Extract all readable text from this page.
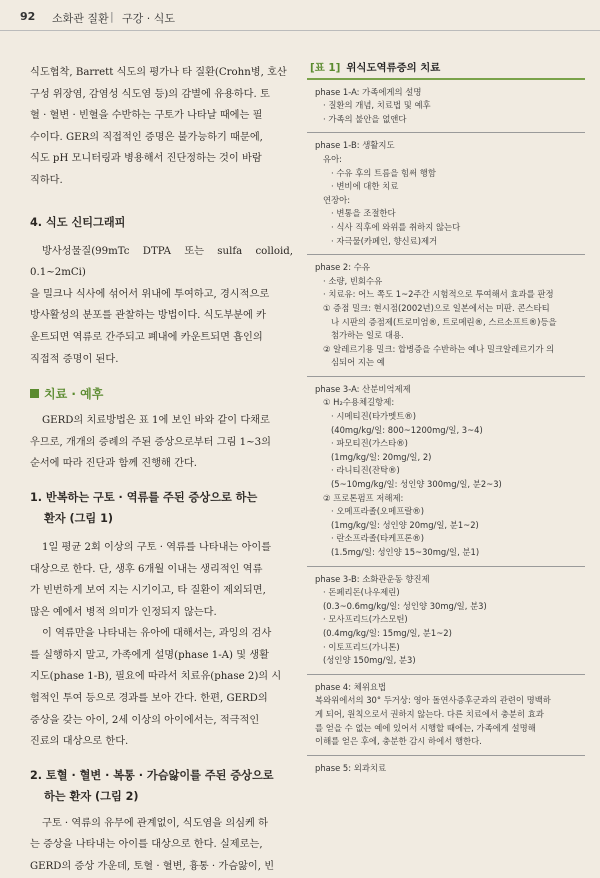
92 소화관 질환 | 구강 · 식도

식도협착, Barrett 식도의 평가나 타 질환(Crohn병, 호산

구성 위장염, 감염성 식도염 등)의 감별에 유용하다. 토

혈 · 혈변 · 빈혈을 수반하는 구토가 나타날 때에는 필

수이다. GER의 직접적인 증명은 불가능하기 때문에,

식도 pH 모니터링과 병용해서 진단정하는 것이 바람

직하다.

4. 식도 신티그래피

방사성물질(99mTc DTPA 또는 sulfa colloid, 0.1~2mCi)

을 밀크나 식사에 섞어서 위내에 투여하고, 경시적으로

방사활성의 분포를 관찰하는 방법이다. 식도부분에 카

운트되면 역류로 간주되고 폐내에 카운트되면 흡인의

직접적 증명이 된다.

치료 · 예후

GERD의 치료방법은 표 1에 보인 바와 같이 다채로

우므로, 개개의 증례의 주된 증상으로부터 그림 1~3의

순서에 따라 진단과 함께 진행해 간다.

1. 반복하는 구토 · 역류를 주된 증상으로 하는
환자 (그림 1)

1일 평균 2회 이상의 구토 · 역류를 나타내는 아이를

대상으로 한다. 단, 생후 6개월 이내는 생리적인 역류

가 빈번하게 보여 지는 시기이고, 타 질환이 제외되면,

많은 예에서 병적 의미가 인정되지 않는다.

이 역류만을 나타내는 유아에 대해서는, 과잉의 검사

를 실행하지 말고, 가족에게 설명(phase 1-A) 및 생활

지도(phase 1-B), 필요에 따라서 치료유(phase 2)의 시

험적인 투여 등으로 경과를 보아 간다. 한편, GERD의

증상을 갖는 아이, 2세 이상의 아이에서는, 적극적인

진료의 대상으로 한다.

2. 토혈 · 혈변 · 복통 · 가슴앓이를 주된 증상으로
하는 환자 (그림 2)

구토 · 역류의 유무에 관계없이, 식도염을 의심케 하

는 증상을 나타내는 아이를 대상으로 한다. 실제로는,

GERD의 증상 가운데, 토혈 · 혈변, 흉통 · 가슴앓이, 빈

[표 1] 위식도역류증의 치료
phase 1-A: 가족에게의 설명
· 질환의 개념, 치료법 및 예후
· 가족의 불안을 없앤다
phase 1-B: 생활지도
유아:
· 수유 후의 트름을 힘써 행함
· 변비에 대한 치료
연장아:
· 변통을 조절한다
· 식사 직후에 와위를 취하지 않는다
· 자극물(카페인, 향신료)제거
phase 2: 수유
· 소량, 빈회수유
· 치료유: 어느 쪽도 1~2주간 시험적으로 투여해서 효과를 판정
① 증점 밀크: 현시점(2002년)으로 일본에서는 미판. 콘스타티
나 시판의 증점제(트로미엄®, 트로메린®, 스르소프트®)등을
첨가하는 일로 대용.
② 알레르기용 밀크: 합병증을 수반하는 예나 밀크알레르기가 의
심되어 지는 예
phase 3-A: 산분비억제제
① H₂수용체길항제:
· 시메티진(타가멧트®)
(40mg/kg/일: 800~1200mg/일, 3~4)
· 파모티진(가스타®)
(1mg/kg/일: 20mg/일, 2)
· 라니티진(잔탁®)
(5~10mg/kg/일: 성인양 300mg/일, 분2~3)
② 프로톤펌프 저해제:
· 오메프라졸(오메프랄®)
(1mg/kg/일: 성인양 20mg/일, 분1~2)
· 란소프라졸(타케프론®)
(1.5mg/일: 성인양 15~30mg/일, 분1)
phase 3-B: 소화관운동 향진제
· 돈페리돈(나우제린)
(0.3~0.6mg/kg/일: 성인양 30mg/일, 분3)
· 모사프리드(가스모틴)
(0.4mg/kg/일: 15mg/일, 분1~2)
· 이토프리드(가니톤)
(성인양 150mg/일, 분3)
phase 4: 체위요법
복와위에서의 30° 두거상: 영아 돌연사증후군과의 관련이 명백하
게 되어, 원칙으로서 권하지 않는다. 다른 치료에서 충분히 효과
를 얻을 수 없는 예에 있어서 시행할 때에는, 가족에게 설명해
이해를 얻은 후에, 충분한 감시 하에서 행한다.
phase 5: 외과치료
